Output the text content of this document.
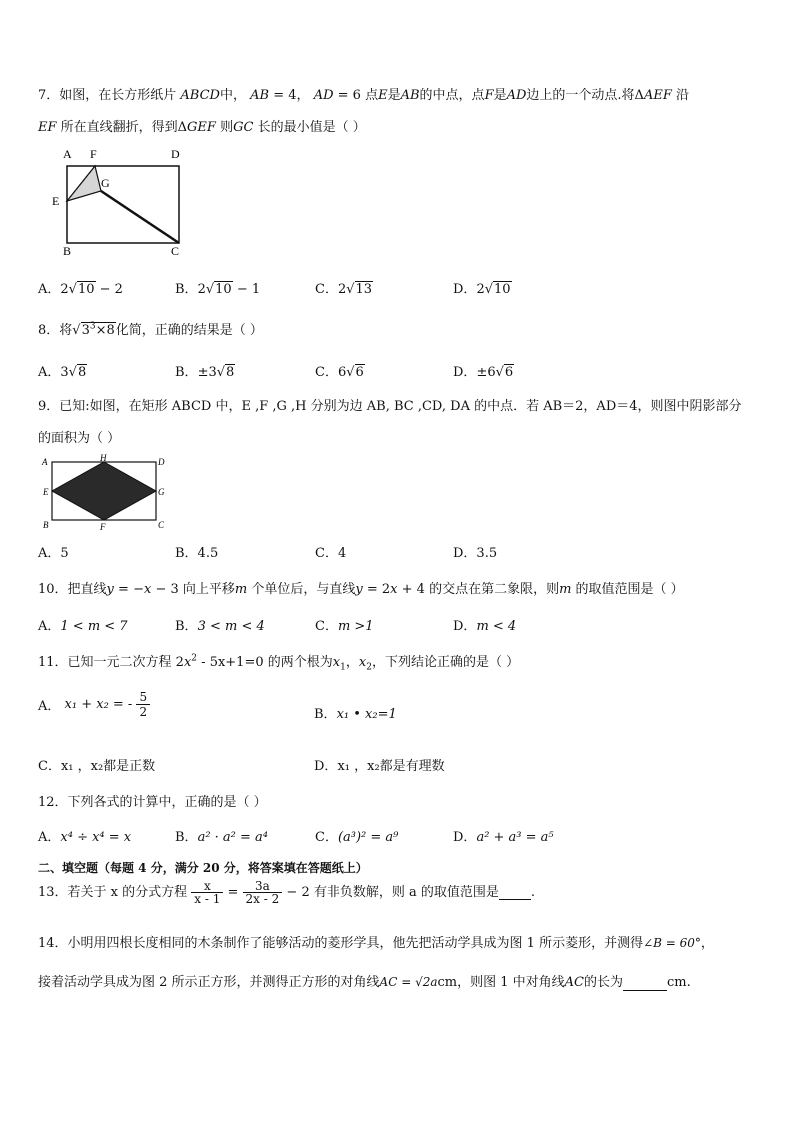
7．如图，在长方形纸片 ABCD中， AB = 4， AD = 6 点E是AB的中点，点F是AD边上的一个动点.将ΔAEF 沿
EF 所在直线翻折，得到ΔGEF 则GC 长的最小值是（ ）
A F	D
G
E
B	C
A．2√10 − 2	B．2√10 − 1	C．2√13	D．2√10
8．将$√3^3\times 8$化简，正确的结果是（ ）
A．3√8	B．±3√8	C．6√6	D．±6√6
9．已知:如图，在矩形 ABCD 中，E ,F ,G ,H 分别为边 AB, BC ,CD, DA 的中点．若 AB＝2，AD＝4，则图中阴影部分
的面积为（ ）
A	H	D
E	G
B	F	C
A．5	B．4.5	C．4	D．3.5
10．把直线y = −x − 3 向上平移m 个单位后，与直线y = 2x + 4 的交点在第二象限，则m 的取值范围是（ ）
A．1 < m < 7	B．3 < m < 4	C．m >1	D．m < 4
11．已知一元二次方程 $2x^2 - 5x+1=0$ 的两个根为$x_1$，$x_2$，下列结论正确的是（ ）
A． x₁ + x₂ = - $\frac{5}{2}$	B．x₁ • x₂=1
C．x₁ ，x₂都是正数	D．x₁ ，x₂都是有理数
12．下列各式的计算中，正确的是（ ）
A．x⁴ ÷ x⁴ = x	B．a² · a² = a⁴	C．(a³)² = a⁹	D．a² + a³ = a⁵
二、填空题（每题 4 分，满分 20 分，将答案填在答题纸上）
13．若关于 x 的分式方程 $\frac{x}{x - 1} = \frac{3a}{2x - 2} - 2$ 有非负数解，则 a 的取值范围是 .
14．小明用四根长度相同的木条制作了能够活动的菱形学具，他先把活动学具成为图 1 所示菱形，并测得∠B = 60°，
接着活动学具成为图 2 所示正方形，并测得正方形的对角线AC = √2acm，则图 1 中对角线AC的长为	cm.
